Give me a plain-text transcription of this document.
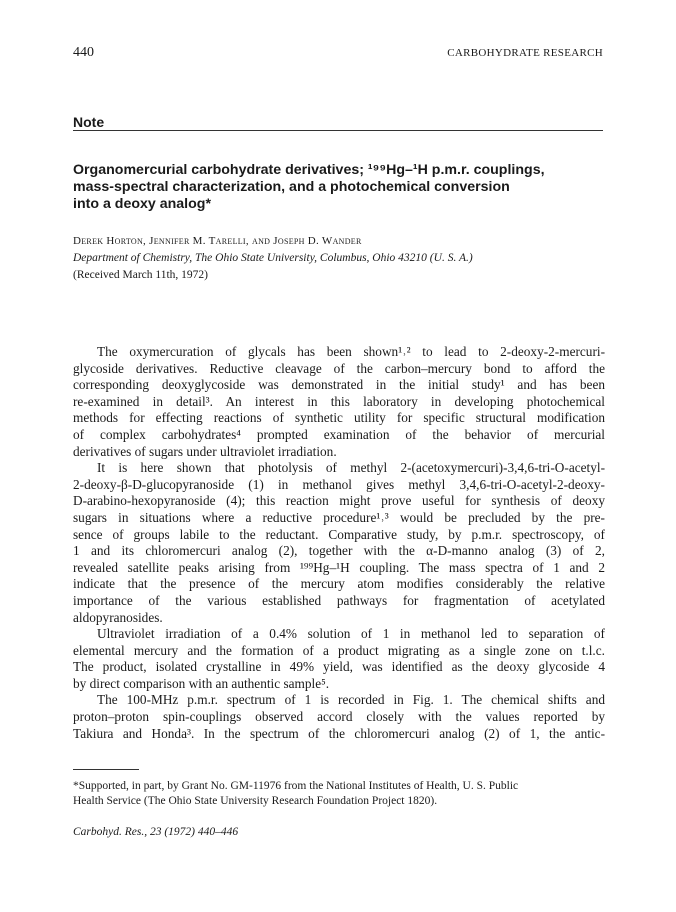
440	CARBOHYDRATE RESEARCH
Note
Organomercurial carbohydrate derivatives; ¹⁹⁹Hg–¹H p.m.r. couplings,
mass-spectral characterization, and a photochemical conversion
into a deoxy analog*
Derek Horton, Jennifer M. Tarelli, and Joseph D. Wander
Department of Chemistry, The Ohio State University, Columbus, Ohio 43210 (U. S. A.)
(Received March 11th, 1972)
The oxymercuration of glycals has been shown¹˒² to lead to 2-deoxy-2-mercuri-
glycoside derivatives. Reductive cleavage of the carbon–mercury bond to afford the
corresponding deoxyglycoside was demonstrated in the initial study¹ and has been
re-examined in detail³. An interest in this laboratory in developing photochemical
methods for effecting reactions of synthetic utility for specific structural modification
of complex carbohydrates⁴ prompted examination of the behavior of mercurial
derivatives of sugars under ultraviolet irradiation.
It is here shown that photolysis of methyl 2-(acetoxymercuri)-3,4,6-tri-O-acetyl-
2-deoxy-β-D-glucopyranoside (1) in methanol gives methyl 3,4,6-tri-O-acetyl-2-deoxy-
D-arabino-hexopyranoside (4); this reaction might prove useful for synthesis of deoxy
sugars in situations where a reductive procedure¹˒³ would be precluded by the pre-
sence of groups labile to the reductant. Comparative study, by p.m.r. spectroscopy, of
1 and its chloromercuri analog (2), together with the α-D-manno analog (3) of 2,
revealed satellite peaks arising from ¹⁹⁹Hg–¹H coupling. The mass spectra of 1 and 2
indicate that the presence of the mercury atom modifies considerably the relative
importance of the various established pathways for fragmentation of acetylated
aldopyranosides.
Ultraviolet irradiation of a 0.4% solution of 1 in methanol led to separation of
elemental mercury and the formation of a product migrating as a single zone on t.l.c.
The product, isolated crystalline in 49% yield, was identified as the deoxy glycoside 4
by direct comparison with an authentic sample⁵.
The 100-MHz p.m.r. spectrum of 1 is recorded in Fig. 1. The chemical shifts and
proton–proton spin-couplings observed accord closely with the values reported by
Takiura and Honda³. In the spectrum of the chloromercuri analog (2) of 1, the antic-
*Supported, in part, by Grant No. GM-11976 from the National Institutes of Health, U. S. Public
Health Service (The Ohio State University Research Foundation Project 1820).
Carbohyd. Res., 23 (1972) 440–446
